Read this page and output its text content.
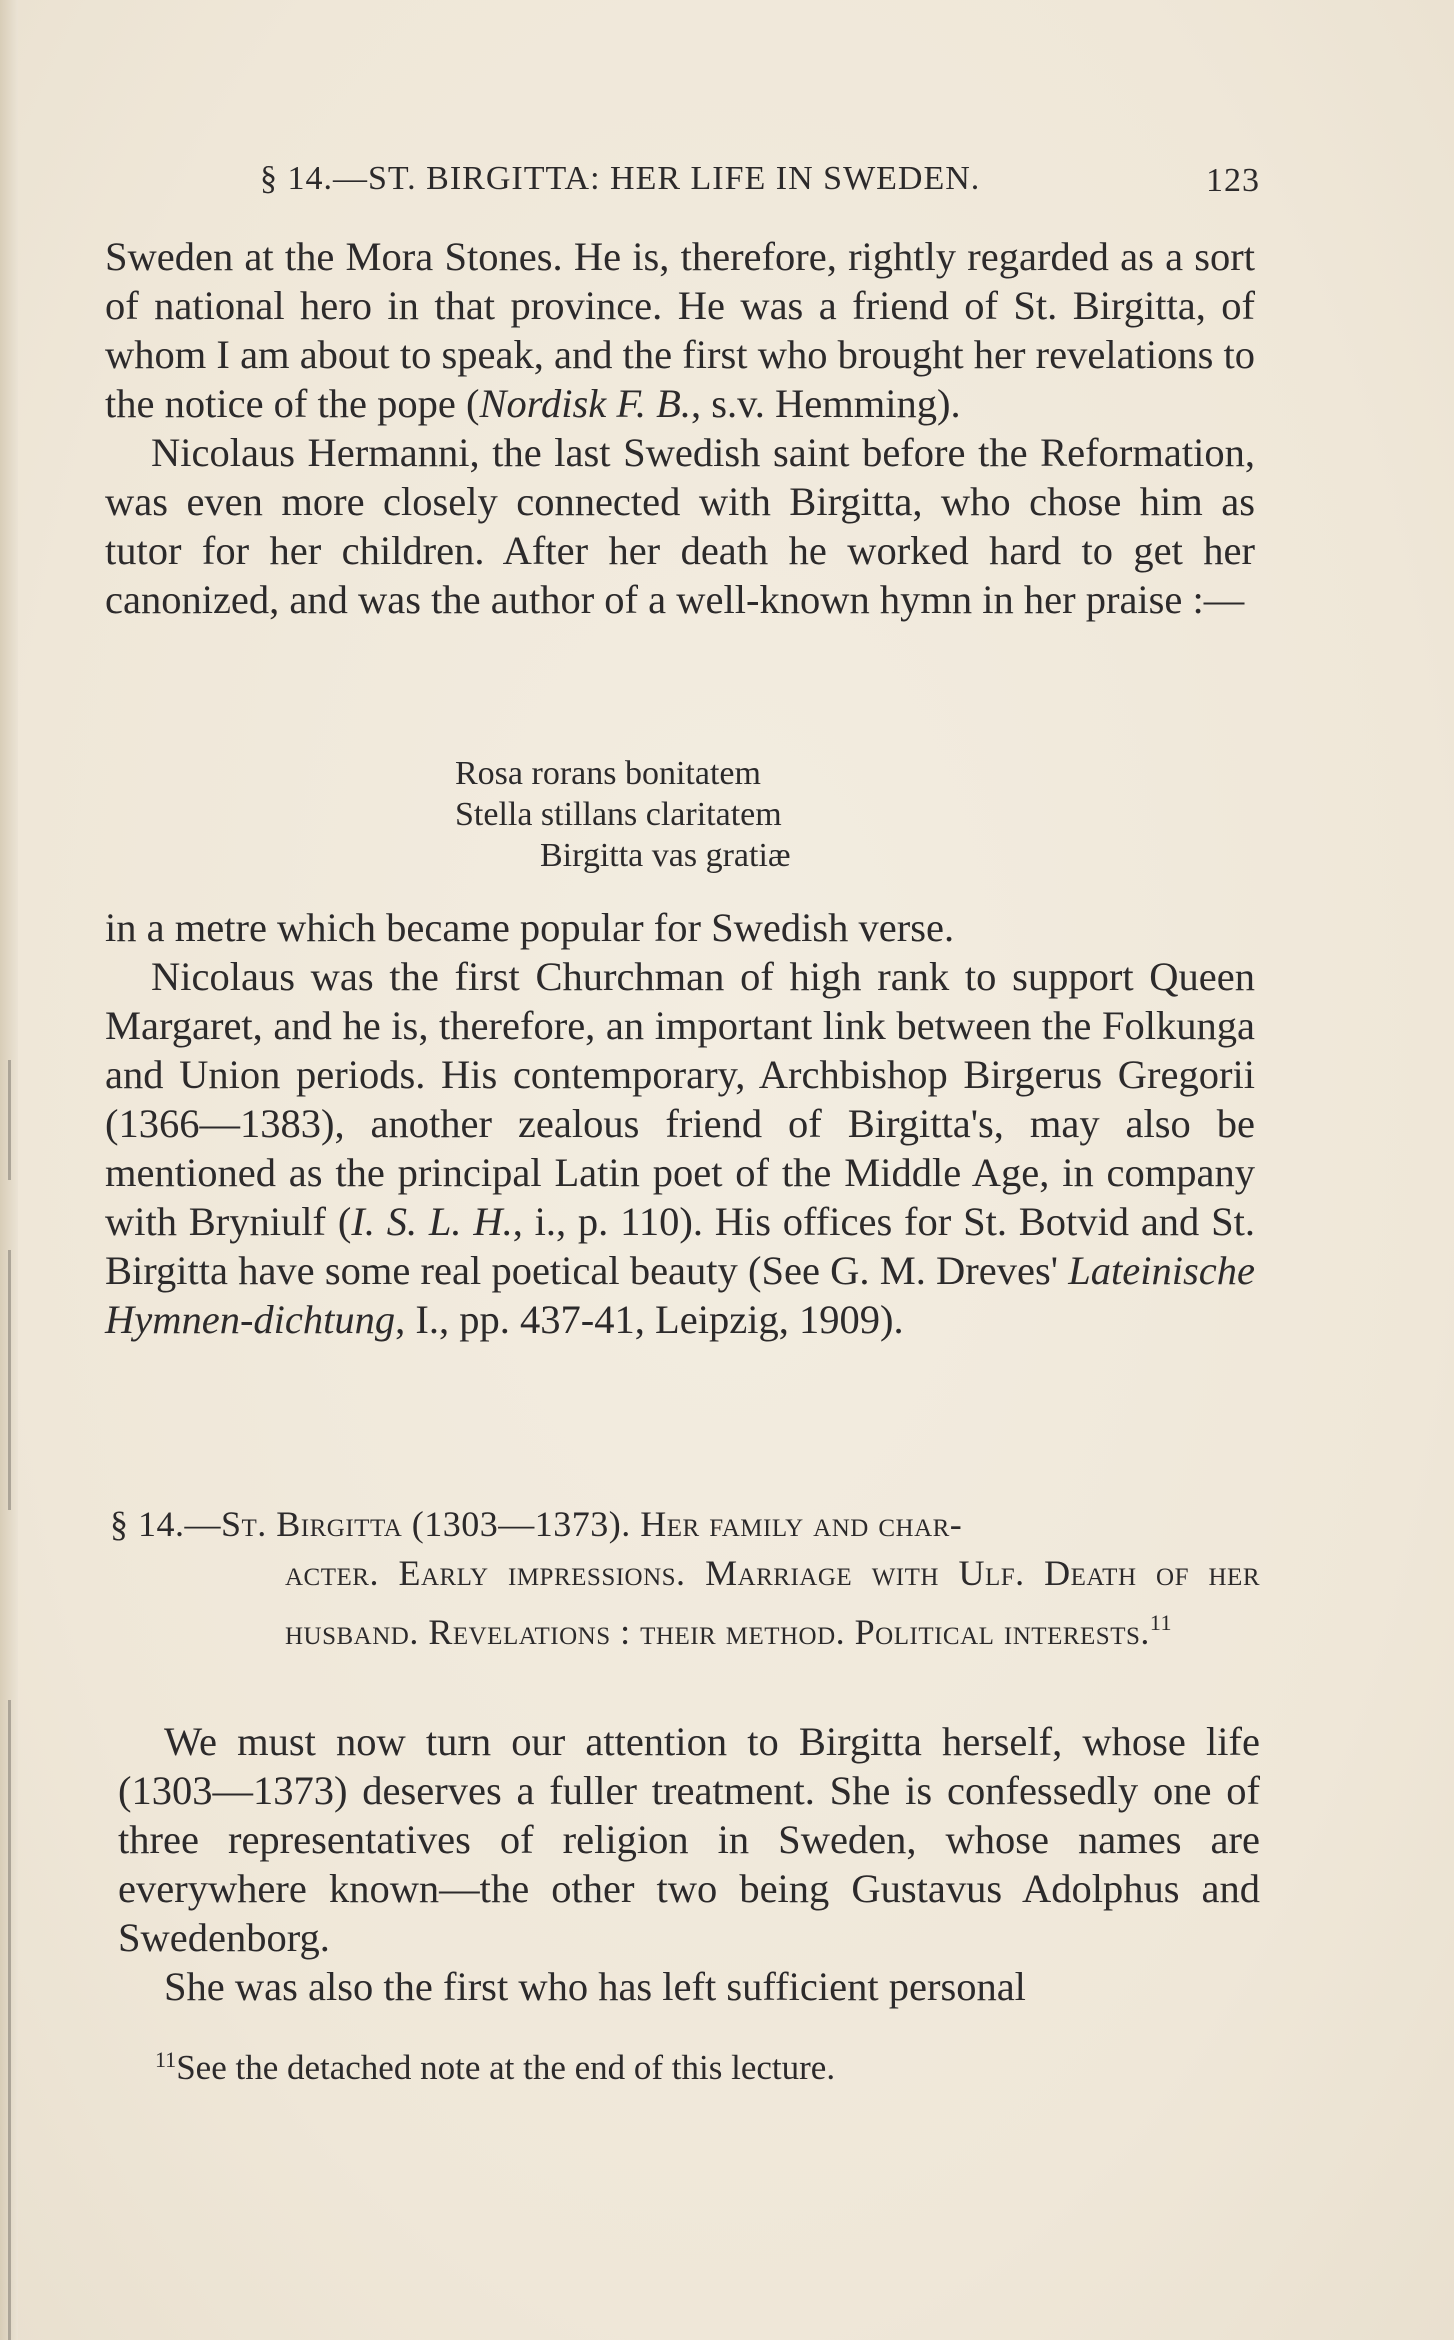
§ 14.—ST. BIRGITTA: HER LIFE IN SWEDEN.	123

Sweden at the Mora Stones. He is, therefore, rightly regarded as a sort of national hero in that province. He was a friend of St. Birgitta, of whom I am about to speak, and the first who brought her revelations to the notice of the pope (Nordisk F. B., s.v. Hemming).

Nicolaus Hermanni, the last Swedish saint before the Reformation, was even more closely connected with Birgitta, who chose him as tutor for her children. After her death he worked hard to get her canonized, and was the author of a well-known hymn in her praise :—

Rosa rorans bonitatem
Stella stillans claritatem
Birgitta vas gratiæ

in a metre which became popular for Swedish verse.

Nicolaus was the first Churchman of high rank to support Queen Margaret, and he is, therefore, an important link between the Folkunga and Union periods. His contemporary, Archbishop Birgerus Gregorii (1366—1383), another zealous friend of Birgitta's, may also be mentioned as the principal Latin poet of the Middle Age, in company with Bryniulf (I. S. L. H., i., p. 110). His offices for St. Botvid and St. Birgitta have some real poetical beauty (See G. M. Dreves' Lateinische Hymnen-dichtung, I., pp. 437-41, Leipzig, 1909).

§ 14.—St. Birgitta (1303—1373). Her family and char-
acter. Early impressions. Marriage with Ulf. Death of her husband. Revelations : their method. Political interests.$^{11}$

We must now turn our attention to Birgitta herself, whose life (1303—1373) deserves a fuller treatment. She is confessedly one of three representatives of religion in Sweden, whose names are everywhere known—the other two being Gustavus Adolphus and Swedenborg.

She was also the first who has left sufficient personal

$^{11}$See the detached note at the end of this lecture.
